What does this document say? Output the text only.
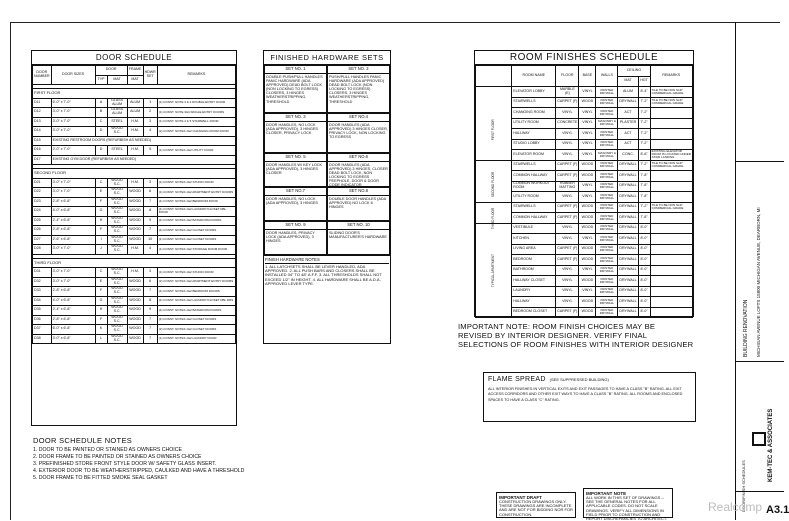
DOOR SCHEDULE
DOOR NUMBER	DOOR SIZES	DOOR		FRAME	HDWR SET	REMARKS
		TYP	MAT	MAT		

FIRST FLOOR						
D11	6'-0" x 7'-0"	A	GLASS ALUM	ALUM	1	(1) CONST. NOTE 3 & 4 DOUBLE ENTRY DOOR
D12	3'-0" x 7'-0"	B	GLASS ALUM	ALUM	2	(1) CONST. NOTE 3&4 SINGLE ENTRY DOORS
D13	3'-0" x 7'-0"	C	STEEL	H.M.	3	(1) CONST. NOTE 4 & 5 STAIRWELL DOOR
D14	3'-0" x 7'-0"	D	WOOD S.C.	H.M.	4	(2) CONST. NOTES 1&2 CHANGING ROOM DOOR
D15	EXISTING RESTROOM DOORS (REFURBISH AS NEEDED)					
D16	2'-0" x 7'-0"	D	STEEL	H.M.	5	(1) CONST. NOTES 1&2 UTILITY DOOR
D17	EXISTING GYM DOOR (REFURBISH AS NEEDED)					

SECOND FLOOR						
D21	3'-0" x 7'-0"	C	WOOD S.C.	H.M.	3	(1) CONST. NOTES 1&2 STUDIO DOOR
D22	3'-0" x 7'-0"	E	WOOD S.C.	WOOD	6	(1) CONST. NOTES 1&2 APARTMENT ENTRY DOORS
D23	2'-8" x 6'-8"	F	WOOD S.C.	WOOD	7	(4) CONST. NOTES 1&2 BEDROOM DOOR
D24	4'-0" x 6'-8"	G	WOOD S.C.	WOOD	8	(4) CONST. NOTES 1&2 LAUNDRY/CLOSET DBL DOOR
D25	2'-4" x 6'-8"	H	WOOD S.C.	WOOD	9	(4) CONST. NOTES 1&2 BATHROOM DOORS
D26	2'-8" x 6'-8"	F	WOOD S.C.	WOOD	7	(4) CONST. NOTES 1&2 CLOSET DOORS
D27	2'-6" x 6'-8"	I	WOOD S.C.	WOOD	10	(1) CONST. NOTES 1&2 CLOSET DOORS
D28	3'-0" x 7'-0"	J	WOOD S.C.	H.M.	4	(1) CONST. NOTES 1&2 STORAGE ROOM DOOR

THIRD FLOOR						
D31	3'-0" x 7'-0"	C	WOOD S.C.	H.M.	3	(1) CONST. NOTES 1&2 STUDIO DOOR
D32	3'-0" x 7'-0"	E	WOOD S.C.	WOOD	6	(2) CONST. NOTES 1&2 APARTMENT ENTRY DOORS
D33	2'-8" x 6'-8"	F	WOOD S.C.	WOOD	7	(4) CONST. NOTES 1&2 BEDROOM DOORS
D34	4'-0" x 6'-8"	G	WOOD S.C.	WOOD	8	(4) CONST. NOTES 1&2 LAUNDRY/CLOSET DBL DRS
D35	2'-4" x 6'-8"	H	WOOD S.C.	WOOD	9	(4) CONST. NOTES 1&2 BATHROOM DOORS
D36	2'-8" x 6'-8"	F	WOOD S.C.	WOOD	7	(4) CONST. NOTES 1&2 CLOSET DOORS
D37	6'-0" x 6'-8"	K	WOOD S.C.	WOOD	7	(2) CONST. NOTES 1&2 CLOSET DOORS
D38	3'-0" x 6'-8"	L	WOOD S.C.	WOOD	7	(1) CONST. NOTES 1&2 LAUNDRY DOOR
DOOR SCHEDULE NOTES
1. DOOR TO BE PAINTED OR STAINED AS OWNERS CHOICE
2. DOOR FRAME TO BE PAINTED OR STAINED AS OWNERS CHOICE
3. PREFINISHED STORE FRONT STYLE DOOR W/ SAFETY GLASS INSERT.
4. EXTERIOR DOOR TO BE WEATHERSTRIPPED, CAULKED AND HAVE A THRESHOLD
5. DOOR FRAME TO BE FITTED SMOKE SEAL GASKET
FINISHED HARDWARE SETS
SET NO. 1
DOUBLE PUSH/PULL HANDLES PANIC HARDWARE (ADA APPROVED) DEAD BOLT LOCK (NON LOCKING TO EGRESS) CLOSERS, 3 HINGES WEATHERSTRIPPING, THRESHOLD
SET NO. 2
PUSH/PULL HANDLES PANIC HARDWARE (ADA APPROVED) DEAD BOLT LOCK (NON LOCKING TO EGRESS) CLOSERS, 3 HINGES WEATHERSTRIPPING, THRESHOLD
SET NO. 3
DOOR HANDLES, NO LOCK (ADA APPROVED), 3 HINGES CLOSER, PRIVACY LOCK
SET NO.4
DOOR HANDLES (ADA APPROVED) 3 HINGES CLOSER, PRIVACY LOCK, NON LOCKING TO EGRESS
SET NO. 5
DOOR HANDLES W/ KEY LOCK (ADA APPROVED), 3 HINGES CLOSER
SET NO.6
DOOR HANDLES (ADA APPROVED) 3 HINGES, CLOSER DEAD BOLT LOCK, NON LOCKING TO EGRESS PEEPHOLE, DOOR & DOOR CODE INDICATOR
SET NO.7
DOOR HANDLES, NO LOCK (ADA APPROVED), 3 HINGES
SET NO.8
DOUBLE DOOR HANDLES (ADA APPROVED) NO LOCK 6 HINGES
SET NO. 9
DOOR HANDLES, PRIVACY LOCK (ADA APPROVED), 3 HINGES
SET NO. 10
SLIDING DOOR'S MANUFACTURER'S HARDWARE
FINISH HARDWARE NOTES
1. ALL LATCHSETS SHALL BE LEVER HANDLED, ADA APPROVED. 2. ALL PUSH BARS AND CLOSERS SHALL BE INSTALLED 34" TO 48" A.F.F. 3. ALL THRESHOLDS SHALL NOT EXCEED 1/2" IN HEIGHT. 4. ALL HARDWARE SHALL BE A.D.A. APPROVED LEVER TYPE.
ROOM FINISHES SCHEDULE
	ROOM NAME	FLOOR	BASE	WALLS	CEILING		REMARKS
					MAT	HGT	

FIRST FLOOR	ELEVATOR LOBBY	MARBLE (E)	VINYL	PAINTED DRYWALL	ALUM	8'-4"	TILE TO BE NON SLIP COMMERCIAL GRADE
	STAIRWELLS	CARPET (F)	WOOD	PAINTED DRYWALL	DRYWALL	7'-2"	TILE TO BE NON SLIP COMMERCIAL GRADE
	CHANGING ROOM	VINYL	VINYL	PAINTED DRYWALL	ACT	7'-2"	
	UTILITY ROOM	CONCRETE	VINYL	MASONRY & DRYWALL	PLASTER	7'-2"	
	HALLWAY	VINYL	VINYL	PAINTED DRYWALL	ACT	7'-2"	
	STUDIO LOBBY	VINYL	VINYL	PAINTED DRYWALL	ACT	7'-2"	
	ELEVATOR ROOM	VINYL	VINYL	MASONRY & DRYWALL	CONC.	8'-6"	EXISTING ELEVATOR ROOM IS LOCATED UNDER STAIR LANDING

SECOND FLOOR	STAIRWELLS	CARPET (F)	WOOD	PAINTED DRYWALL	DRYWALL	7'-2"	TILE TO BE NON SLIP COMMERCIAL GRADE
	COMMON HALLWAY	CARPET (F)	WOOD	PAINTED DRYWALL	DRYWALL	7'-8"	
	COMMON WORKOUT ROOM	RUBBER MATTING	VINYL	PAINTED DRYWALL	DRYWALL	7'-8"	
	UTILITY ROOM	VINYL	VINYL	PAINTED DRYWALL	DRYWALL	7'-8"	

THIRD FLOOR	STAIRWELLS	CARPET (F)	WOOD	PAINTED DRYWALL	DRYWALL	7'-2"	TILE TO BE NON SLIP COMMERCIAL GRADE
	COMMON HALLWAY	CARPET (F)	WOOD	PAINTED DRYWALL	DRYWALL	7'-8"	

TYPICAL APARTMENT	VESTIBULE	VINYL	WOOD	PAINTED DRYWALL	DRYWALL	8'-0"	
	KITCHEN	VINYL	VINYL	PAINTED DRYWALL	DRYWALL	8'-0"	
	LIVING AREA	CARPET (F)	WOOD	PAINTED DRYWALL	DRYWALL	8'-0"	
	BEDROOM	CARPET (F)	WOOD	PAINTED DRYWALL	DRYWALL	8'-0"	
	BATHROOM	VINYL	VINYL	PAINTED DRYWALL	DRYWALL	8'-0"	
	HALLWAY CLOSET	VINYL	WOOD	PAINTED DRYWALL	DRYWALL	8'-0"	
	LAUNDRY	VINYL	VINYL	PAINTED DRYWALL	DRYWALL	8'-0"	
	HALLWAY	VINYL	WOOD	PAINTED DRYWALL	DRYWALL	8'-0"	
	BEDROOM CLOSET	CARPET (F)	WOOD	PAINTED DRYWALL	DRYWALL	8'-0"	
IMPORTANT NOTE: ROOM FINISH CHOICES MAY BE
REVISED BY INTERIOR DESIGNER. VERIFY FINAL
SELECTIONS OF ROOM FINISHES WITH INTERIOR DESIGNER
FLAME SPREAD (SEE SUPPRESSED BUILDING)
ALL INTERIOR FINISHES IN VERTICAL EXITS AND EXIT PASSAGES TO HAVE A CLASS "B" RATING. ALL EXIT ACCESS CORRIDORS AND OTHER EXIT WAYS TO HAVE A CLASS "B" RATING. ALL ROOMS AND ENCLOSED SPACES TO HAVE A CLASS "C" RATING.
IMPORTANT DRAFT
CONSTRUCTION DRAWINGS ONLY. THESE DRAWINGS ARE INCOMPLETE AND ARE NOT FOR BIDDING NOR FOR CONSTRUCTION.
IMPORTANT NOTE
ALL WORK IN THIS SET OF DRAWINGS -- SEE THE GENERAL NOTES FOR ALL APPLICABLE CODES. DO NOT SCALE DRAWINGS. VERIFY ALL DIMENSIONS IN FIELD PRIOR TO CONSTRUCTION AND REPORT DISCREPANCIES TO ARCHITECT.
BUILDING RENOVATION MICHIGAN AVENUE LOFTS 15800 MICHIGAN AVENUE, DEARBORN, MI
KEM-TEC & ASSOCIATES
DOOR/FINISH SCHEDULES A3.1
Realcomp
